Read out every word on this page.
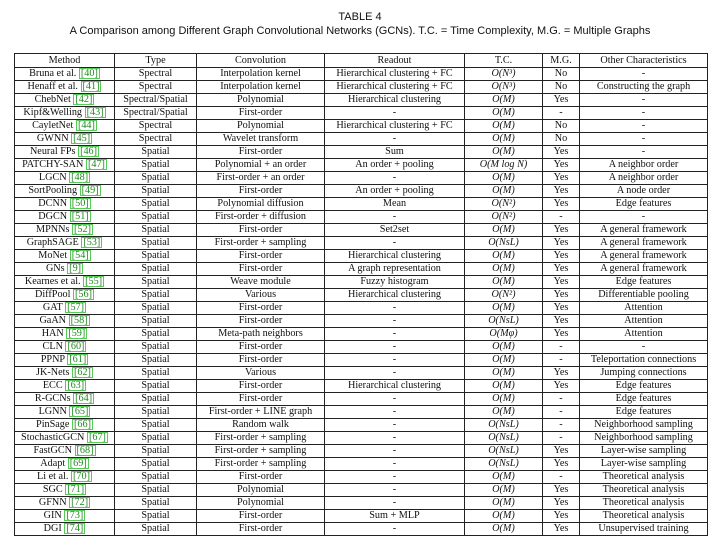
TABLE 4
A Comparison among Different Graph Convolutional Networks (GCNs). T.C. = Time Complexity, M.G. = Multiple Graphs
Method	Type	Convolution	Readout	T.C.	M.G.	Other Characteristics
Bruna et al. [40]	Spectral	Interpolation kernel	Hierarchical clustering + FC	O(N³)	No	-
Henaff et al. [41]	Spectral	Interpolation kernel	Hierarchical clustering + FC	O(N³)	No	Constructing the graph
ChebNet [42]	Spectral/Spatial	Polynomial	Hierarchical clustering	O(M)	Yes	-
Kipf&Welling [43]	Spectral/Spatial	First-order	-	O(M)	-	-
CayletNet [44]	Spectral	Polynomial	Hierarchical clustering + FC	O(M)	No	-
GWNN [45]	Spectral	Wavelet transform	-	O(M)	No	-
Neural FPs [46]	Spatial	First-order	Sum	O(M)	Yes	-
PATCHY-SAN [47]	Spatial	Polynomial + an order	An order + pooling	O(M log N)	Yes	A neighbor order
LGCN [48]	Spatial	First-order + an order	-	O(M)	Yes	A neighbor order
SortPooling [49]	Spatial	First-order	An order + pooling	O(M)	Yes	A node order
DCNN [50]	Spatial	Polynomial diffusion	Mean	O(N²)	Yes	Edge features
DGCN [51]	Spatial	First-order + diffusion	-	O(N²)	-	-
MPNNs [52]	Spatial	First-order	Set2set	O(M)	Yes	A general framework
GraphSAGE [53]	Spatial	First-order + sampling	-	O(NsL)	Yes	A general framework
MoNet [54]	Spatial	First-order	Hierarchical clustering	O(M)	Yes	A general framework
GNs [9]	Spatial	First-order	A graph representation	O(M)	Yes	A general framework
Kearnes et al. [55]	Spatial	Weave module	Fuzzy histogram	O(M)	Yes	Edge features
DiffPool [56]	Spatial	Various	Hierarchical clustering	O(N²)	Yes	Differentiable pooling
GAT [57]	Spatial	First-order	-	O(M)	Yes	Attention
GaAN [58]	Spatial	First-order	-	O(NsL)	Yes	Attention
HAN [59]	Spatial	Meta-path neighbors	-	O(Mφ)	Yes	Attention
CLN [60]	Spatial	First-order	-	O(M)	-	-
PPNP [61]	Spatial	First-order	-	O(M)	-	Teleportation connections
JK-Nets [62]	Spatial	Various	-	O(M)	Yes	Jumping connections
ECC [63]	Spatial	First-order	Hierarchical clustering	O(M)	Yes	Edge features
R-GCNs [64]	Spatial	First-order	-	O(M)	-	Edge features
LGNN [65]	Spatial	First-order + LINE graph	-	O(M)	-	Edge features
PinSage [66]	Spatial	Random walk	-	O(NsL)	-	Neighborhood sampling
StochasticGCN [67]	Spatial	First-order + sampling	-	O(NsL)	-	Neighborhood sampling
FastGCN [68]	Spatial	First-order + sampling	-	O(NsL)	Yes	Layer-wise sampling
Adapt [69]	Spatial	First-order + sampling	-	O(NsL)	Yes	Layer-wise sampling
Li et al. [70]	Spatial	First-order	-	O(M)	-	Theoretical analysis
SGC [71]	Spatial	Polynomial	-	O(M)	Yes	Theoretical analysis
GFNN [72]	Spatial	Polynomial	-	O(M)	Yes	Theoretical analysis
GIN [73]	Spatial	First-order	Sum + MLP	O(M)	Yes	Theoretical analysis
DGI [74]	Spatial	First-order	-	O(M)	Yes	Unsupervised training
